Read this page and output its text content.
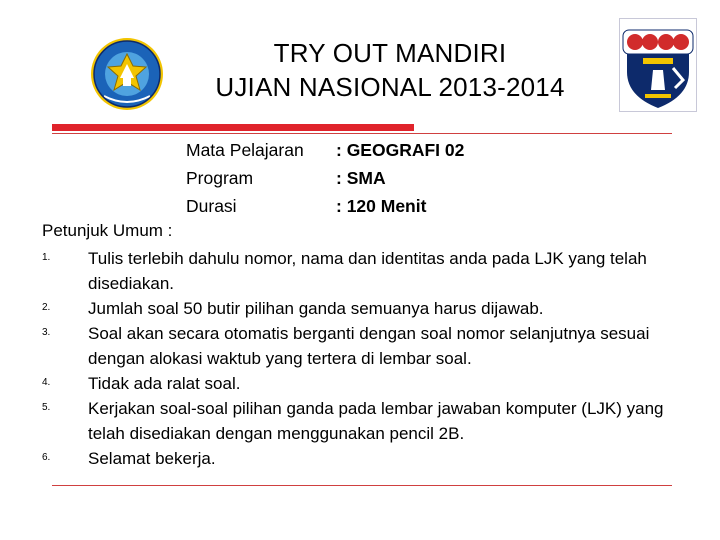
TRY OUT MANDIRI
UJIAN NASIONAL 2013-2014
Mata Pelajaran : GEOGRAFI 02
Program	: SMA
Durasi	: 120 Menit
Petunjuk Umum :
1. Tulis terlebih dahulu nomor, nama dan identitas anda pada LJK yang telah disediakan.
2. Jumlah soal 50 butir pilihan ganda semuanya harus dijawab.
3. Soal akan secara otomatis berganti dengan soal nomor selanjutnya sesuai dengan alokasi waktub yang tertera di lembar soal.
4. Tidak ada ralat soal.
5. Kerjakan soal-soal pilihan ganda pada lembar jawaban komputer (LJK) yang telah disediakan dengan menggunakan pencil 2B.
6. Selamat bekerja.
